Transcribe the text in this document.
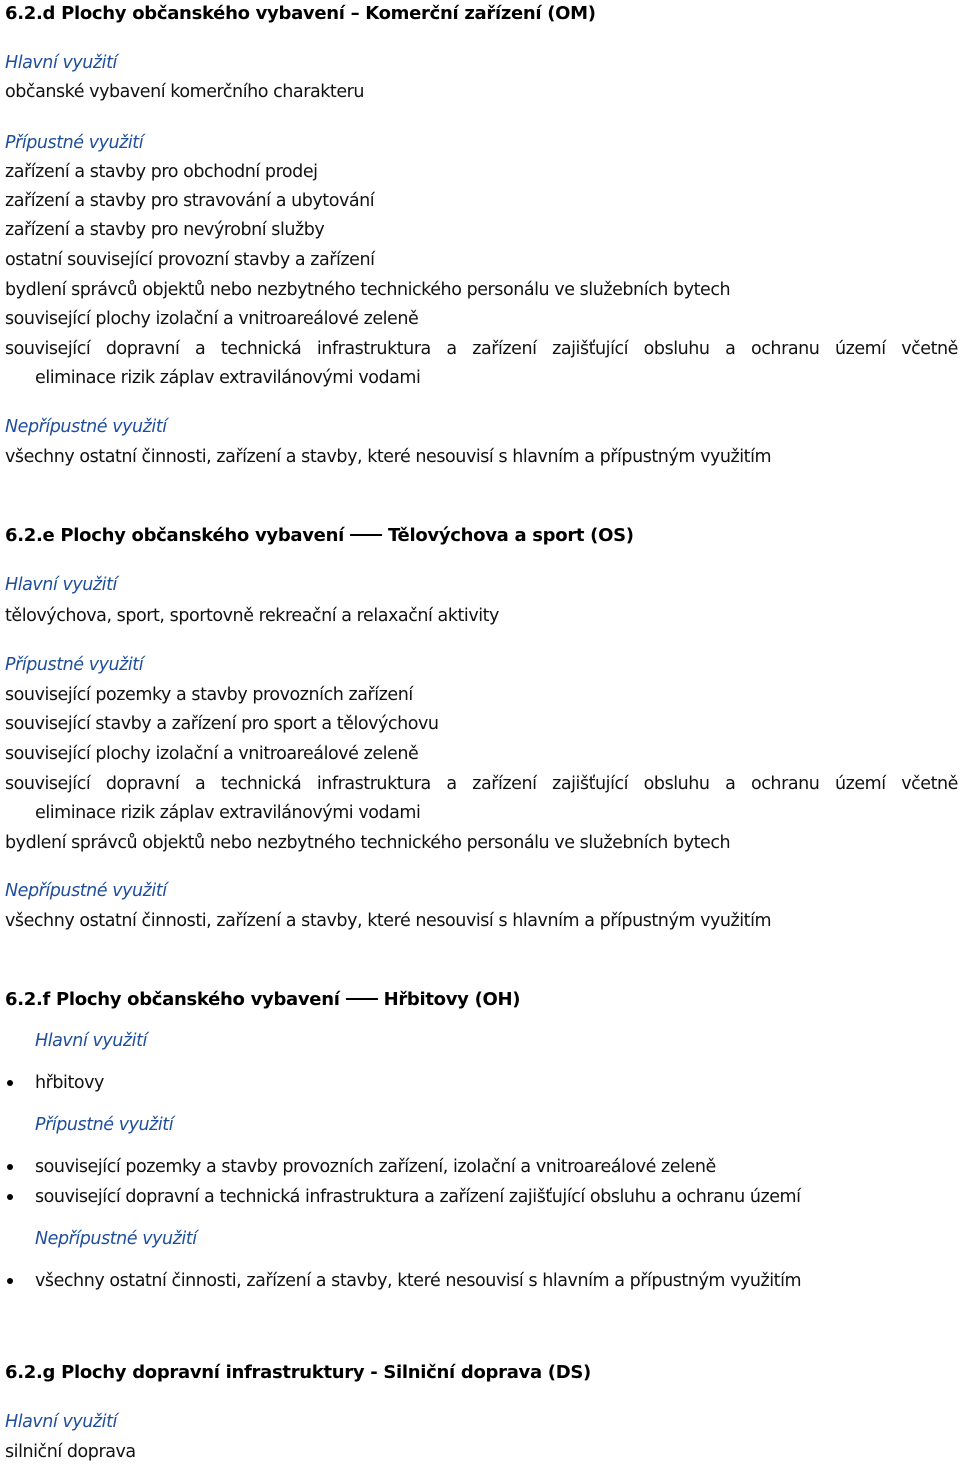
6.2.d Plochy občanského vybavení – Komerční zařízení (OM)
Hlavní využití
občanské vybavení komerčního charakteru
Přípustné využití
zařízení a stavby pro obchodní prodej
zařízení a stavby pro stravování a ubytování
zařízení a stavby pro nevýrobní služby
ostatní související provozní stavby a zařízení
bydlení správců objektů nebo nezbytného technického personálu ve služebních bytech
související plochy izolační a vnitroareálové zeleně
související dopravní a technická infrastruktura a zařízení zajišťující obsluhu a ochranu území včetně
eliminace rizik záplav extravilánovými vodami
Nepřípustné využití
všechny ostatní činnosti, zařízení a stavby, které nesouvisí s hlavním a přípustným využitím
6.2.e Plochy občanského vybavení Tělovýchova a sport (OS)
Hlavní využití
tělovýchova, sport, sportovně rekreační a relaxační aktivity
Přípustné využití
související pozemky a stavby provozních zařízení
související stavby a zařízení pro sport a tělovýchovu
související plochy izolační a vnitroareálové zeleně
související dopravní a technická infrastruktura a zařízení zajišťující obsluhu a ochranu území včetně
eliminace rizik záplav extravilánovými vodami
bydlení správců objektů nebo nezbytného technického personálu ve služebních bytech
Nepřípustné využití
všechny ostatní činnosti, zařízení a stavby, které nesouvisí s hlavním a přípustným využitím
6.2.f Plochy občanského vybavení Hřbitovy (OH)
Hlavní využití
hřbitovy
Přípustné využití
související pozemky a stavby provozních zařízení, izolační a vnitroareálové zeleně
související dopravní a technická infrastruktura a zařízení zajišťující obsluhu a ochranu území
Nepřípustné využití
všechny ostatní činnosti, zařízení a stavby, které nesouvisí s hlavním a přípustným využitím
6.2.g Plochy dopravní infrastruktury - Silniční doprava (DS)
Hlavní využití
silniční doprava
